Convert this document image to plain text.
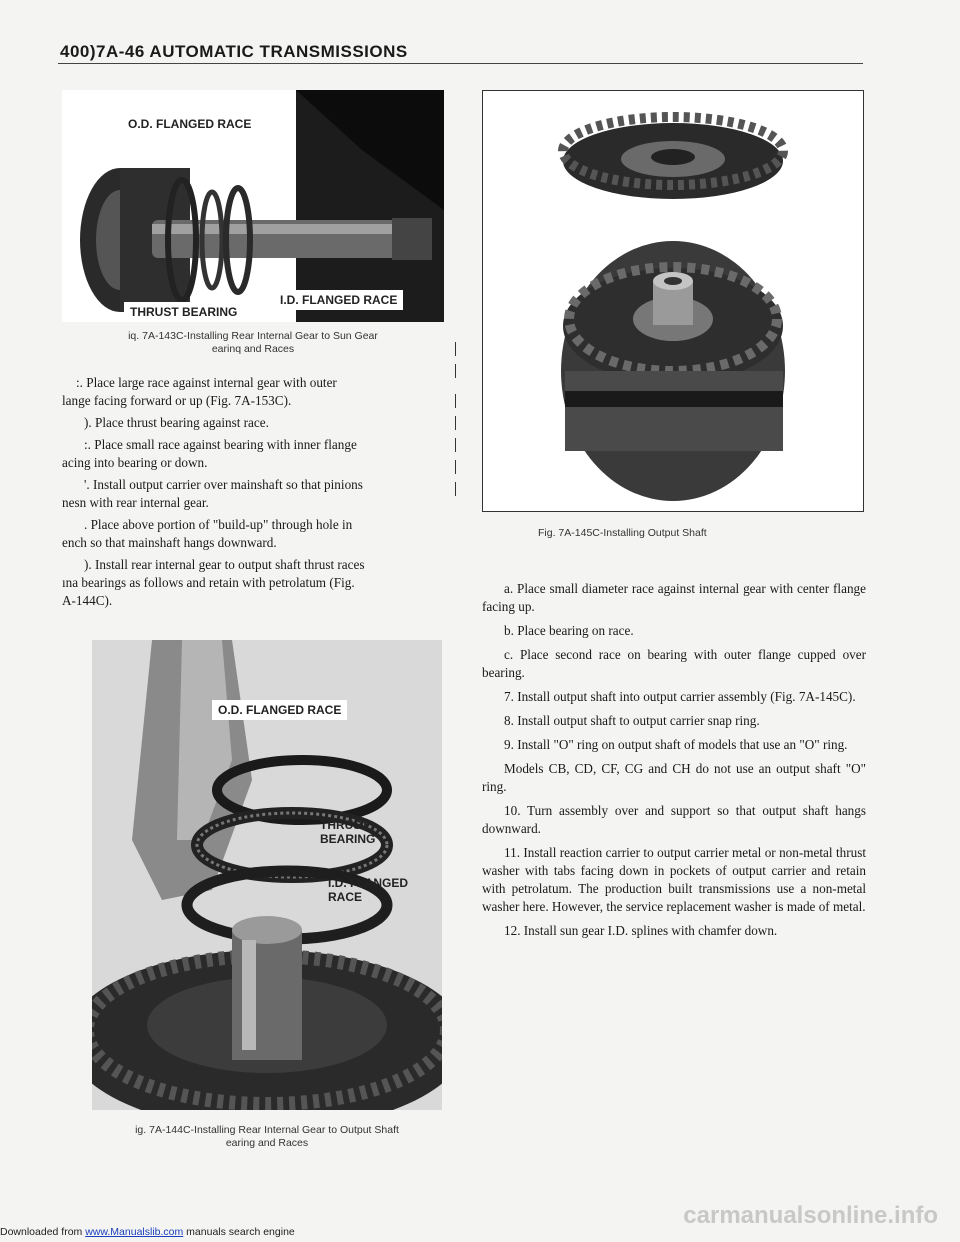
400)7A-46 AUTOMATIC TRANSMISSIONS
O.D. FLANGED RACE
I.D. FLANGED RACE
THRUST BEARING
iq. 7A-143C-Installing Rear Internal Gear to Sun Gear
earinq and Races
:. Place large race against internal gear with outer
lange facing forward or up (Fig. 7A-153C).
). Place thrust bearing against race.
:. Place small race against bearing with inner flange
acing into bearing or down.
'. Install output carrier over mainshaft so that pinions
nesn with rear internal gear.
. Place above portion of "build-up" through hole in
ench so that mainshaft hangs downward.
). Install rear internal gear to output shaft thrust races
ına bearings as follows and retain with petrolatum (Fig.
A-144C).
O.D. FLANGED RACE
THRUST
BEARING
I.D. FLANGED
RACE
ig. 7A-144C-Installing Rear Internal Gear to Output Shaft
earing and Races
Fig. 7A-145C-Installing Output Shaft
a. Place small diameter race against internal gear with center flange facing up.
b. Place bearing on race.
c. Place second race on bearing with outer flange cupped over bearing.
7. Install output shaft into output carrier assembly (Fig. 7A-145C).
8. Install output shaft to output carrier snap ring.
9. Install "O" ring on output shaft of models that use an "O" ring.
Models CB, CD, CF, CG and CH do not use an output shaft "O" ring.
10. Turn assembly over and support so that output shaft hangs downward.
11. Install reaction carrier to output carrier metal or non-metal thrust washer with tabs facing down in pockets of output carrier and retain with petrolatum. The production built transmissions use a non-metal washer here. However, the service replacement washer is made of metal.
12. Install sun gear I.D. splines with chamfer down.
carmanualsonline.info
Downloaded from www.Manualslib.com manuals search engine
